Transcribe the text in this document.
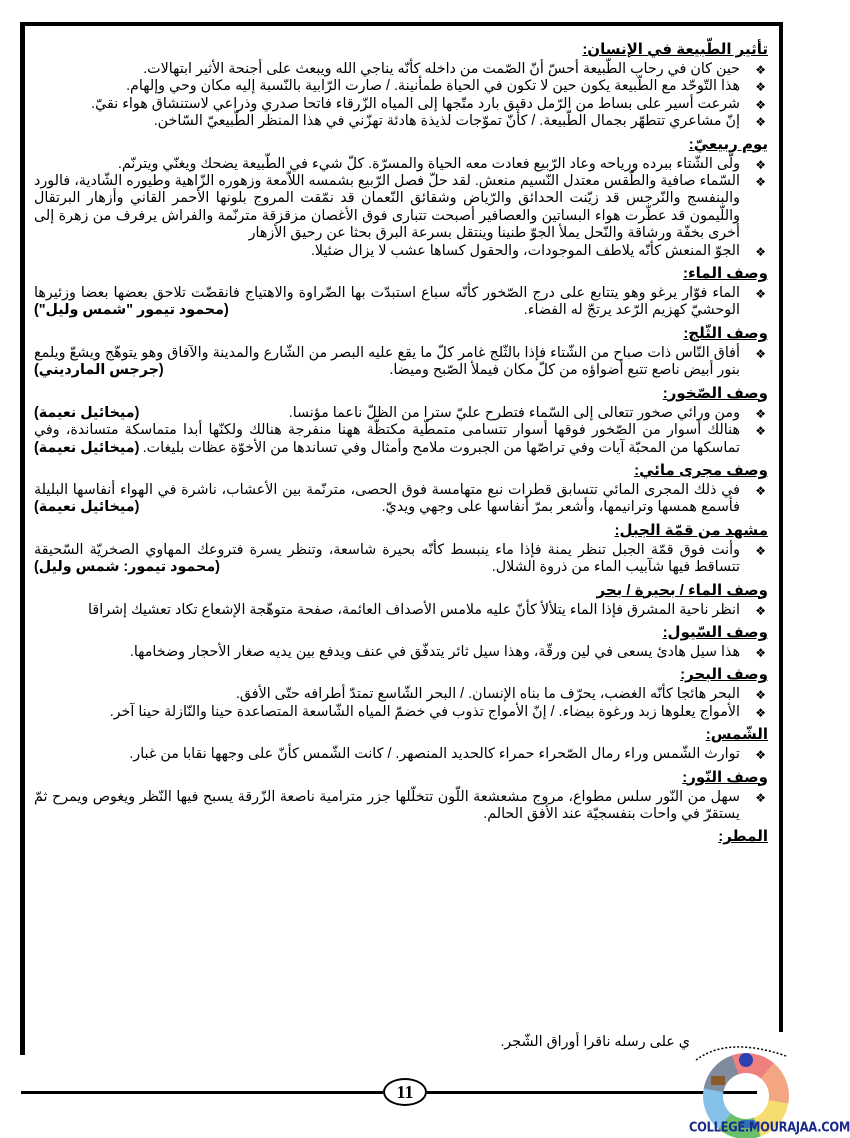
11
تأثير الطّبيعة في الإنسان:
❖
حين كان في رحاب الطّبيعة أحسّ أنّ الصّمت من داخله كأنّه يناجي الله ويبعث على أجنحة الأثير ابتهالات.
❖
هذا التّوحّد مع الطّبيعة يكون حين لا تكون في الحياة طمأنينة. / صارت الرّابية بالنّسبة إليه مكان وحي وإلهام.
❖
شرعت أسير على بساط من الرّمل دقيق بارد متّجها إلى المياه الزّرقاء فاتحا صدري وذراعي لاستنشاق هواء نقيّ.
❖
إنّ مشاعري تتطهّر بجمال الطّبيعة. / كأنّ تموّجات لذيذة هادئة تهزّني في هذا المنظر الطّبيعيّ السّاخن.
يوم ربيعيّ:
❖
ولّى الشّتاء ببرده ورياحه وعاد الرّبيع فعادت معه الحياة والمسرّة. كلّ شيء في الطّبيعة يضحك ويغنّي ويترنّم.
❖
السّماء صافية والطّقس معتدل النّسيم منعش. لقد حلّ فصل الرّبيع بشمسه اللاّمعة وزهوره الزّاهية وطيوره الشّادية، فالورد والبنفسج والنّرجس قد زيّنت الحدائق والرّياض وشقائق النّعمان قد نمّقت المروج بلونها الأحمر القاني وأزهار البرتقال واللّيمون قد عطّرت هواء البساتين والعصافير أصبحت تتبارى فوق الأغصان مزقزقة مترنّمة والفراش يرفرف من زهرة إلى أخرى بخفّة ورشاقة والنّحل يملأ الجوّ طنينا وينتقل بسرعة البرق بحثا عن رحيق الأزهار
❖
الجوّ المنعش كأنّه يلاطف الموجودات، والحقول كساها عشب لا يزال ضئيلا.
وصف الماء:
❖
الماء فوّار يرغو وهو يتتابع على درج الصّخور كأنّه سباع استبدّت بها الضّراوة والاهتياج فانقضّت تلاحق بعضها بعضا وزئيرها الوحشيّ كهزيم الرّعد يرتجّ له الفضاء.
(محمود تيمور "شمس وليل")
وصف الثّلج:
❖
أفاق النّاس ذات صباح من الشّتاء فإذا بالثّلج غامر كلّ ما يقع عليه البصر من الشّارع والمدينة والآفاق وهو يتوهّج ويشعّ ويلمع بنور أبيض ناصع تتبع أضواؤه من كلّ مكان فيملأ الصّبح وميضا.
(جرجس المارديني)
وصف الصّخور:
❖
ومن ورائي صخور تتعالى إلى السّماء فتطرح عليّ سترا من الظلّ ناعما مؤنسا.
(ميخائيل نعيمة)
❖
هنالك أسوار من الصّخور فوقها أسوار تتسامى متمطّية مكتظّة ههنا منفرجة هنالك ولكنّها أبدا متماسكة متساندة، وفي تماسكها من المحبّة آيات وفي تراصّها من الجبروت ملامح وأمثال وفي تساندها من الأخوّة عظات بليغات.
(ميخائيل نعيمة)
وصف مجرى مائي:
❖
في ذلك المجرى المائي تتسابق قطرات نبع متهامسة فوق الحصى، مترنّمة بين الأعشاب، ناشرة في الهواء أنفاسها البليلة فأسمع همسها وترانيمها، وأشعر بمرّ أنفاسها على وجهي ويديّ.
(ميخائيل نعيمة)
مشهد من قمّة الجبل:
❖
وأنت فوق قمّة الجبل تنظر يمنة فإذا ماء ينبسط كأنّه بحيرة شاسعة، وتنظر يسرة فتروعك المهاوي الصخريّة السّحيقة تتساقط فيها شآبيب الماء من ذروة الشلال.
(محمود تيمور: شمس وليل)
وصف الماء / بحيرة / بحر
❖
انظر ناحية المشرق فإذا الماء يتلألأ كأنّ عليه ملامس الأصداف العائمة، صفحة متوهّجة الإشعاع تكاد تعشيك إشراقا
وصف السّيول:
❖
هذا سيل هادئ يسعى في لين ورقّة، وهذا سيل ثائر يتدفّق في عنف ويدفع بين يديه صغار الأحجار وضخامها.
وصف البحر:
❖
البحر هائجا كأنّه الغضب، يحرّف ما بناه الإنسان. / البحر الشّاسع تمتدّ أطرافه حتّى الأفق.
❖
الأمواج يعلوها زبد ورغوة بيضاء. / إنّ الأمواج تذوب في خضمّ المياه الشّاسعة المتصاعدة حينا والنّازلة حينا آخر.
الشّمس:
❖
توارث الشّمس وراء رمال الصّحراء حمراء كالحديد المنصهر. / كانت الشّمس كأنّ على وجهها نقابا من غبار.
وصف النّور:
❖
سهل من النّور سلس مطواع، مروج مشعشعة اللّون تتخلّلها جزر مترامية ناصعة الزّرقة يسبح فيها النّظر ويغوص ويمرح ثمّ يستقرّ في واحات بنفسجيّة عند الأفق الحالم.
المطر:
ي على رسله ناقرا أوراق الشّجر.
COLLEGE.MOURAJAA.COM
